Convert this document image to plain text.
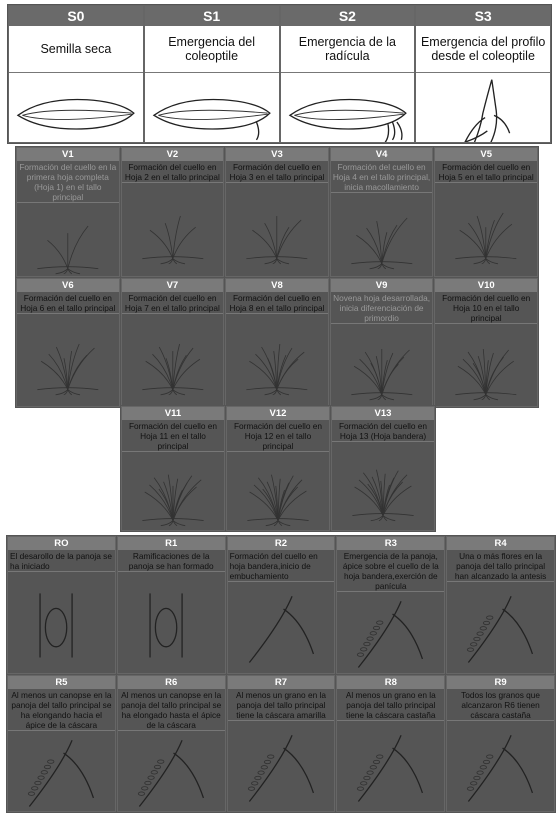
S0
Semilla seca
S1
Emergencia del coleoptile
S2
Emergencia de la radícula
S3
Emergencia del profilo desde el coleoptile
V1
Formación del cuello en la primera hoja completa (Hoja 1) en el tallo principal
V2
Formación del cuello en Hoja 2 en el tallo principal
V3
Formación del cuello en Hoja 3 en el tallo principal
V4
Formación del cuello en Hoja 4 en el tallo principal, inicia macollamiento
V5
Formación del cuello en Hoja 5 en el tallo principal
V6
Formación del cuello en Hoja 6 en el tallo principal
V7
Formación del cuello en Hoja 7 en el tallo principal
V8
Formación del cuello en Hoja 8 en el tallo principal
V9
Novena hoja desarrollada, inicia diferenciación de primordio
V10
Formación del cuello en Hoja 10 en el tallo principal
V11
Formación del cuello en Hoja 11 en el tallo principal
V12
Formación del cuello en Hoja 12 en el tallo principal
V13
Formación del cuello en Hoja 13 (Hoja bandera)
RO
El desarollo de la panoja se ha iniciado
R1
Ramificaciones de la panoja se han formado
R2
Formación del cuello en hoja bandera,inicio de embuchamiento
R3
Emergencia de la panoja, ápice sobre el cuello de la hoja bandera,exerción de panícula
R4
Una o más flores en la panoja del tallo principal han alcanzado la antesis
R5
Al menos un canopse en la panoja del tallo principal se ha elongando hacia el ápice de la cáscara
R6
Al menos un canopse en la panoja del tallo principal se ha elongado hasta el ápice de la cáscara
R7
Al menos un grano en la panoja del tallo principal tiene la cáscara amarilla
R8
Al menos un grano en la panoja del tallo principal tiene la cáscara castaña
R9
Todos los granos que alcanzaron R6 tienen cáscara castaña
